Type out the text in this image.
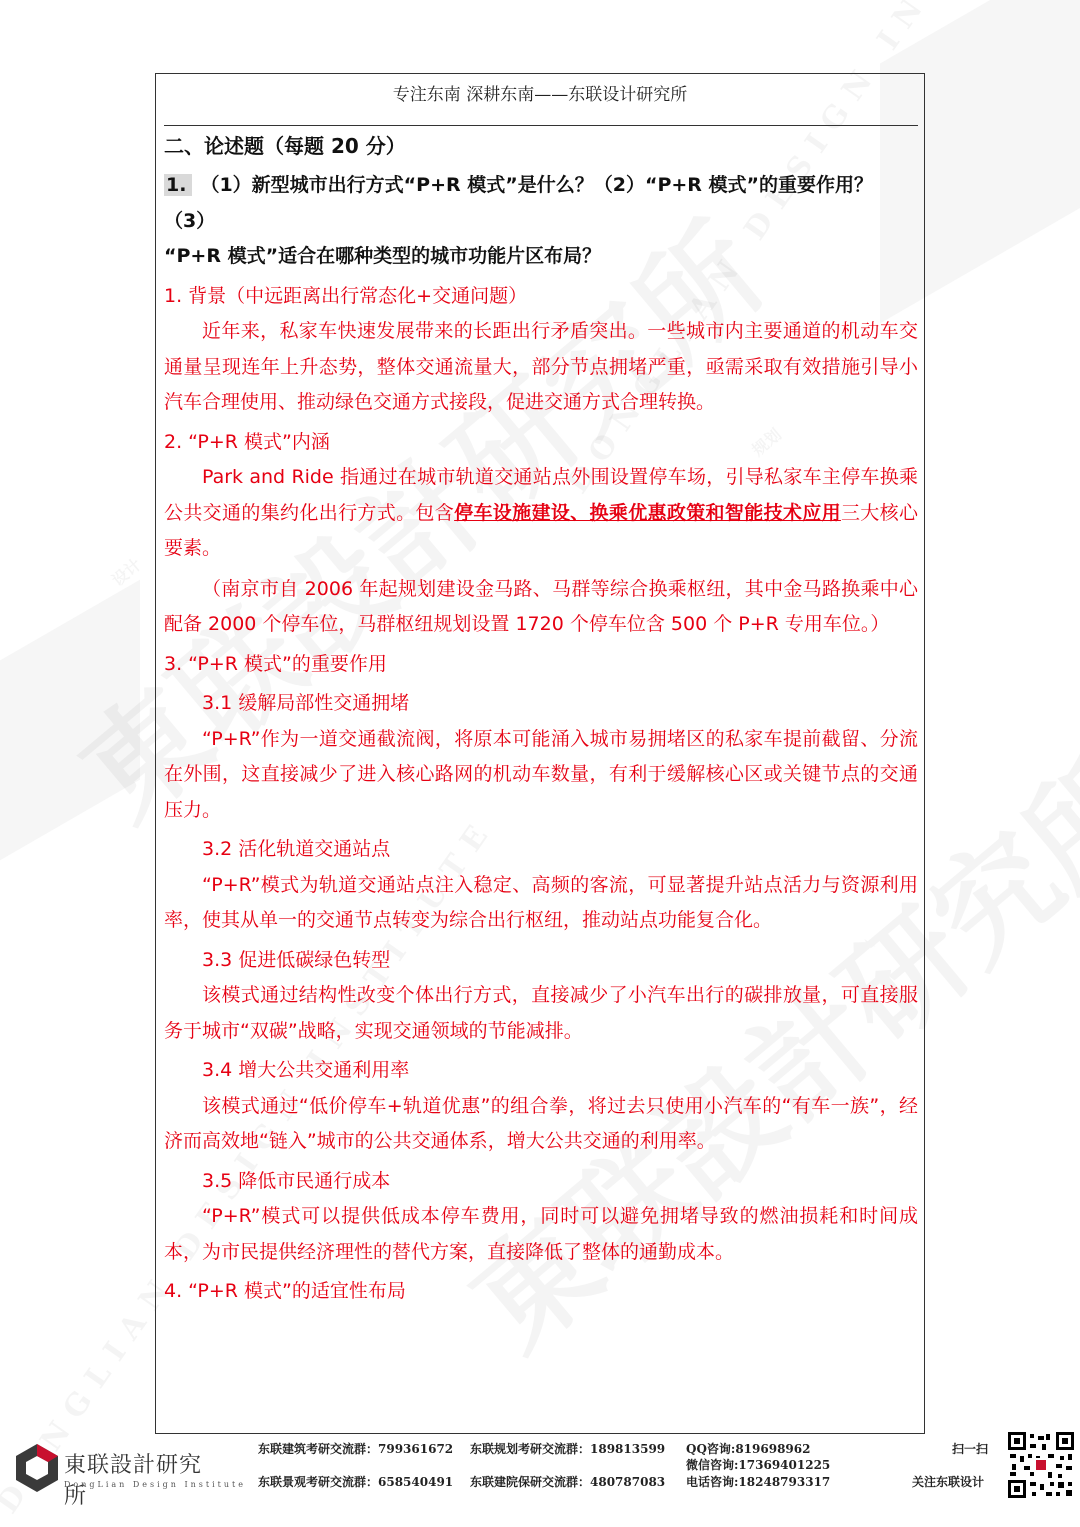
专注东南 深耕东南——东联设计研究所

二、论述题（每题 20 分）

1. （1）新型城市出行方式“P+R 模式”是什么？（2）“P+R 模式”的重要作用？（3）
“P+R 模式”适合在哪种类型的城市功能片区布局？

1. 背景（中远距离出行常态化+交通问题）

近年来，私家车快速发展带来的长距出行矛盾突出。一些城市内主要通道的机动车交通量呈现连年上升态势，整体交通流量大，部分节点拥堵严重，亟需采取有效措施引导小汽车合理使用、推动绿色交通方式接段，促进交通方式合理转换。

2. “P+R 模式”内涵

Park and Ride 指通过在城市轨道交通站点外围设置停车场，引导私家车主停车换乘公共交通的集约化出行方式。包含停车设施建设、换乘优惠政策和智能技术应用三大核心要素。

（南京市自 2006 年起规划建设金马路、马群等综合换乘枢纽，其中金马路换乘中心配备 2000 个停车位，马群枢纽规划设置 1720 个停车位含 500 个 P+R 专用车位。）

3. “P+R 模式”的重要作用

3.1 缓解局部性交通拥堵

“P+R”作为一道交通截流阀，将原本可能涌入城市易拥堵区的私家车提前截留、分流在外围，这直接减少了进入核心路网的机动车数量，有利于缓解核心区或关键节点的交通压力。

3.2 活化轨道交通站点

“P+R”模式为轨道交通站点注入稳定、高频的客流，可显著提升站点活力与资源利用率，使其从单一的交通节点转变为综合出行枢纽，推动站点功能复合化。

3.3 促进低碳绿色转型

该模式通过结构性改变个体出行方式，直接减少了小汽车出行的碳排放量，可直接服务于城市“双碳”战略，实现交通领域的节能减排。

3.4 增大公共交通利用率

该模式通过“低价停车+轨道优惠”的组合拳，将过去只使用小汽车的“有车一族”，经济而高效地“链入”城市的公共交通体系，增大公共交通的利用率。

3.5 降低市民通行成本

“P+R”模式可以提供低成本停车费用，同时可以避免拥堵导致的燃油损耗和时间成本，为市民提供经济理性的替代方案，直接降低了整体的通勤成本。

4. “P+R 模式”的适宜性布局

東联設計研究所
DongLian Design Institute
东联建筑考研交流群：799361672 东联规划考研交流群：189813599 QQ咨询:819698962
微信咨询:17369401225
东联景观考研交流群：658540491 东联建院保研交流群：480787083 电话咨询:18248793317
扫一扫
关注东联设计
